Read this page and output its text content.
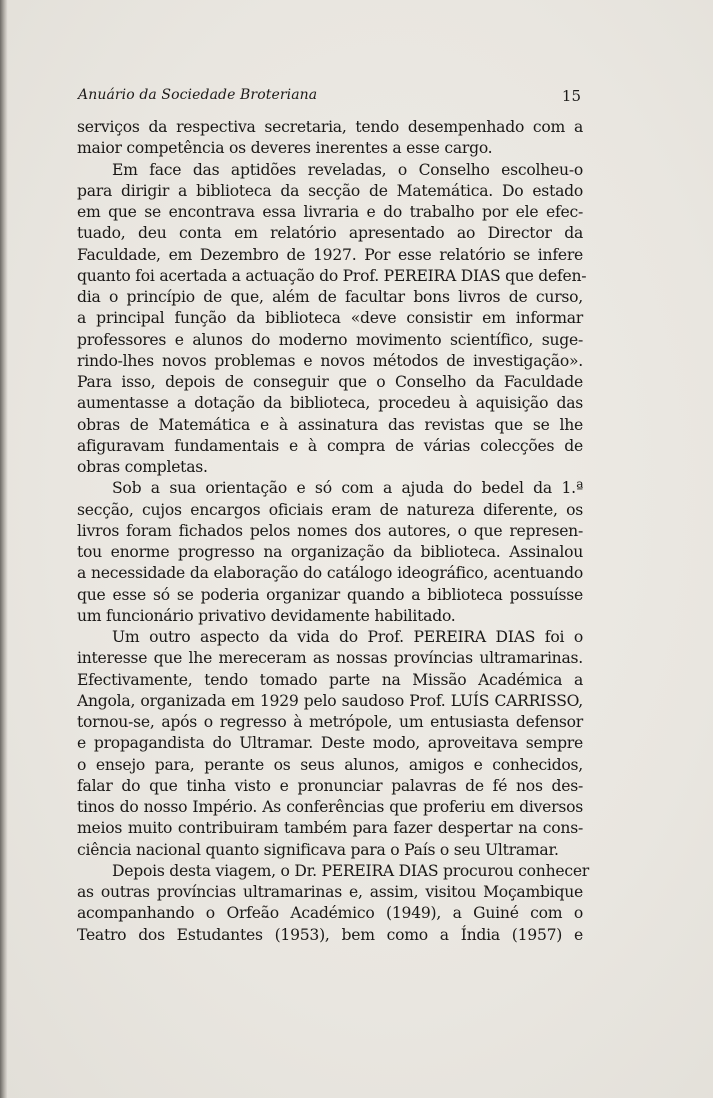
Anuário da Sociedade Broteriana	15
serviços da respectiva secretaria, tendo desempenhado com a
maior competência os deveres inerentes a esse cargo.
Em face das aptidões reveladas, o Conselho escolheu-o
para dirigir a biblioteca da secção de Matemática. Do estado
em que se encontrava essa livraria e do trabalho por ele efec-
tuado, deu conta em relatório apresentado ao Director da
Faculdade, em Dezembro de 1927. Por esse relatório se infere
quanto foi acertada a actuação do Prof. PEREIRA DIAS que defen-
dia o princípio de que, além de facultar bons livros de curso,
a principal função da biblioteca «deve consistir em informar
professores e alunos do moderno movimento scientífico, suge-
rindo-lhes novos problemas e novos métodos de investigação».
Para isso, depois de conseguir que o Conselho da Faculdade
aumentasse a dotação da biblioteca, procedeu à aquisição das
obras de Matemática e à assinatura das revistas que se lhe
afiguravam fundamentais e à compra de várias colecções de
obras completas.
Sob a sua orientação e só com a ajuda do bedel da 1.ª
secção, cujos encargos oficiais eram de natureza diferente, os
livros foram fichados pelos nomes dos autores, o que represen-
tou enorme progresso na organização da biblioteca. Assinalou
a necessidade da elaboração do catálogo ideográfico, acentuando
que esse só se poderia organizar quando a biblioteca possuísse
um funcionário privativo devidamente habilitado.
Um outro aspecto da vida do Prof. PEREIRA DIAS foi o
interesse que lhe mereceram as nossas províncias ultramarinas.
Efectivamente, tendo tomado parte na Missão Académica a
Angola, organizada em 1929 pelo saudoso Prof. LUÍS CARRISSO,
tornou-se, após o regresso à metrópole, um entusiasta defensor
e propagandista do Ultramar. Deste modo, aproveitava sempre
o ensejo para, perante os seus alunos, amigos e conhecidos,
falar do que tinha visto e pronunciar palavras de fé nos des-
tinos do nosso Império. As conferências que proferiu em diversos
meios muito contribuiram também para fazer despertar na cons-
ciência nacional quanto significava para o País o seu Ultramar.
Depois desta viagem, o Dr. PEREIRA DIAS procurou conhecer
as outras províncias ultramarinas e, assim, visitou Moçambique
acompanhando o Orfeão Académico (1949), a Guiné com o
Teatro dos Estudantes (1953), bem como a Índia (1957) e
